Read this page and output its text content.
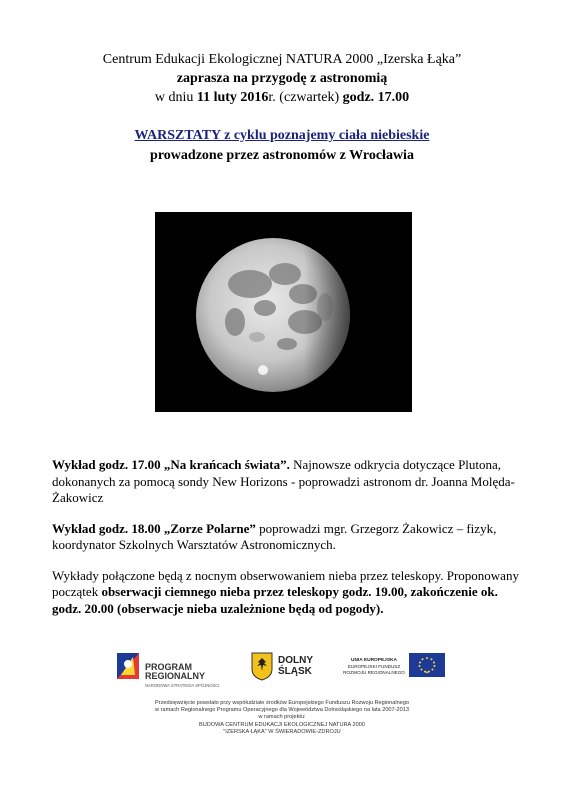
Centrum Edukacji Ekologicznej NATURA 2000 „Izerska Łąka”
zaprasza na przygodę z astronomią
w dniu 11 luty 2016r. (czwartek) godz. 17.00
WARSZTATY z cyklu poznajemy ciała niebieskie
prowadzone przez astronomów z Wrocławia

Wykład godz. 17.00 „Na krańcach świata”. Najnowsze odkrycia dotyczące Plutona, dokonanych za pomocą sondy New Horizons - poprowadzi astronom dr. Joanna Molęda-Żakowicz

Wykład godz. 18.00 „Zorze Polarne” poprowadzi mgr. Grzegorz Żakowicz – fizyk, koordynator Szkolnych Warsztatów Astronomicznych.

Wykłady połączone będą z nocnym obserwowaniem nieba przez teleskopy. Proponowany początek obserwacji ciemnego nieba przez teleskopy godz. 19.00, zakończenie ok. godz. 20.00 (obserwacje nieba uzależnione będą od pogody).

PROGRAM
REGIONALNY
NARODOWA STRATEGIA SPÓJNOŚCI
DOLNY
ŚLĄSK
UNIA EUROPEJSKA
EUROPEJSKI FUNDUSZ
ROZWOJU REGIONALNEGO
Przedsięwzięcie powstało przy współudziale środków Europejskiego Funduszu Rozwoju Regionalnego
w ramach Regionalnego Programu Operacyjnego dla Województwa Dolnośląskiego na lata 2007-2013
w ramach projektu:
BUDOWA CENTRUM EDUKACJI EKOLOGICZNEJ NATURA 2000
"IZERSKA ŁĄKA" W ŚWIERADOWIE-ZDROJU
